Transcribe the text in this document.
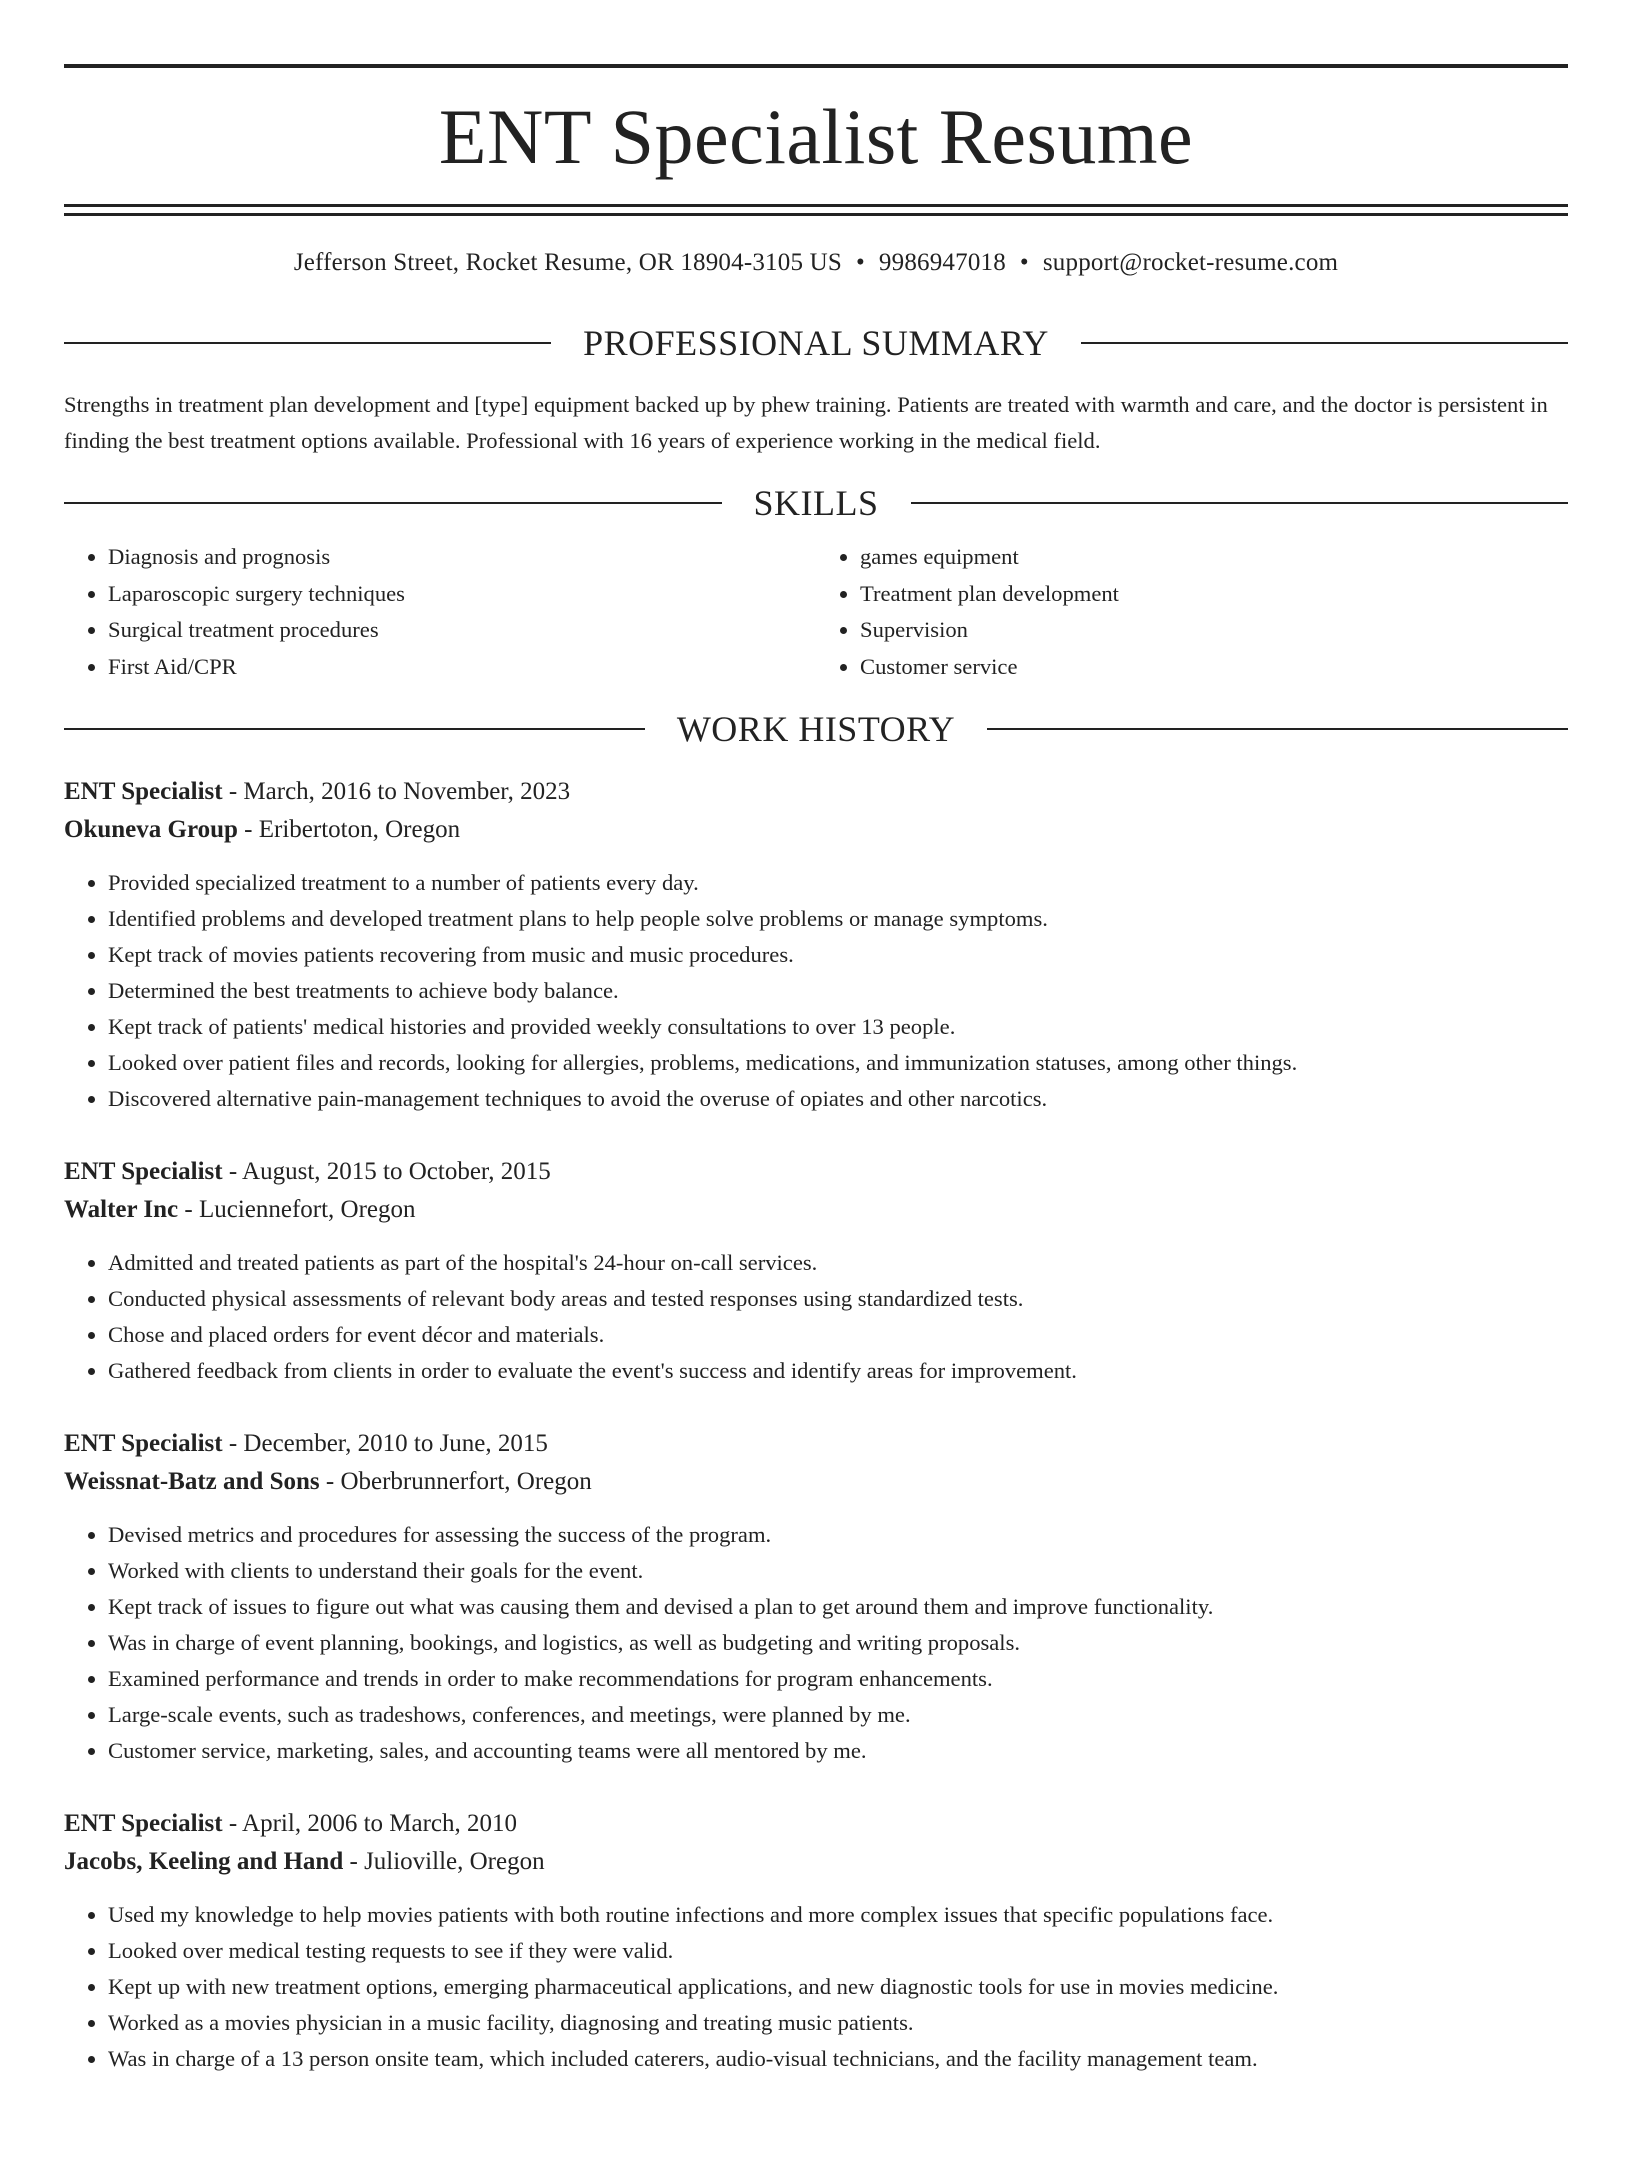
ENT Specialist Resume
Jefferson Street, Rocket Resume, OR 18904-3105 US • 9986947018 • support@rocket-resume.com
PROFESSIONAL SUMMARY

Strengths in treatment plan development and [type] equipment backed up by phew training. Patients are treated with warmth and care, and the doctor is persistent in finding the best treatment options available. Professional with 16 years of experience working in the medical field.

SKILLS
• Diagnosis and prognosis
• Laparoscopic surgery techniques
• Surgical treatment procedures
• First Aid/CPR
• games equipment
• Treatment plan development
• Supervision
• Customer service
WORK HISTORY
ENT Specialist - March, 2016 to November, 2023
Okuneva Group - Eribertoton, Oregon
• Provided specialized treatment to a number of patients every day.
• Identified problems and developed treatment plans to help people solve problems or manage symptoms.
• Kept track of movies patients recovering from music and music procedures.
• Determined the best treatments to achieve body balance.
• Kept track of patients' medical histories and provided weekly consultations to over 13 people.
• Looked over patient files and records, looking for allergies, problems, medications, and immunization statuses, among other things.
• Discovered alternative pain-management techniques to avoid the overuse of opiates and other narcotics.
ENT Specialist - August, 2015 to October, 2015
Walter Inc - Luciennefort, Oregon
• Admitted and treated patients as part of the hospital's 24-hour on-call services.
• Conducted physical assessments of relevant body areas and tested responses using standardized tests.
• Chose and placed orders for event décor and materials.
• Gathered feedback from clients in order to evaluate the event's success and identify areas for improvement.
ENT Specialist - December, 2010 to June, 2015
Weissnat-Batz and Sons - Oberbrunnerfort, Oregon
• Devised metrics and procedures for assessing the success of the program.
• Worked with clients to understand their goals for the event.
• Kept track of issues to figure out what was causing them and devised a plan to get around them and improve functionality.
• Was in charge of event planning, bookings, and logistics, as well as budgeting and writing proposals.
• Examined performance and trends in order to make recommendations for program enhancements.
• Large-scale events, such as tradeshows, conferences, and meetings, were planned by me.
• Customer service, marketing, sales, and accounting teams were all mentored by me.
ENT Specialist - April, 2006 to March, 2010
Jacobs, Keeling and Hand - Julioville, Oregon
• Used my knowledge to help movies patients with both routine infections and more complex issues that specific populations face.
• Looked over medical testing requests to see if they were valid.
• Kept up with new treatment options, emerging pharmaceutical applications, and new diagnostic tools for use in movies medicine.
• Worked as a movies physician in a music facility, diagnosing and treating music patients.
• Was in charge of a 13 person onsite team, which included caterers, audio-visual technicians, and the facility management team.
